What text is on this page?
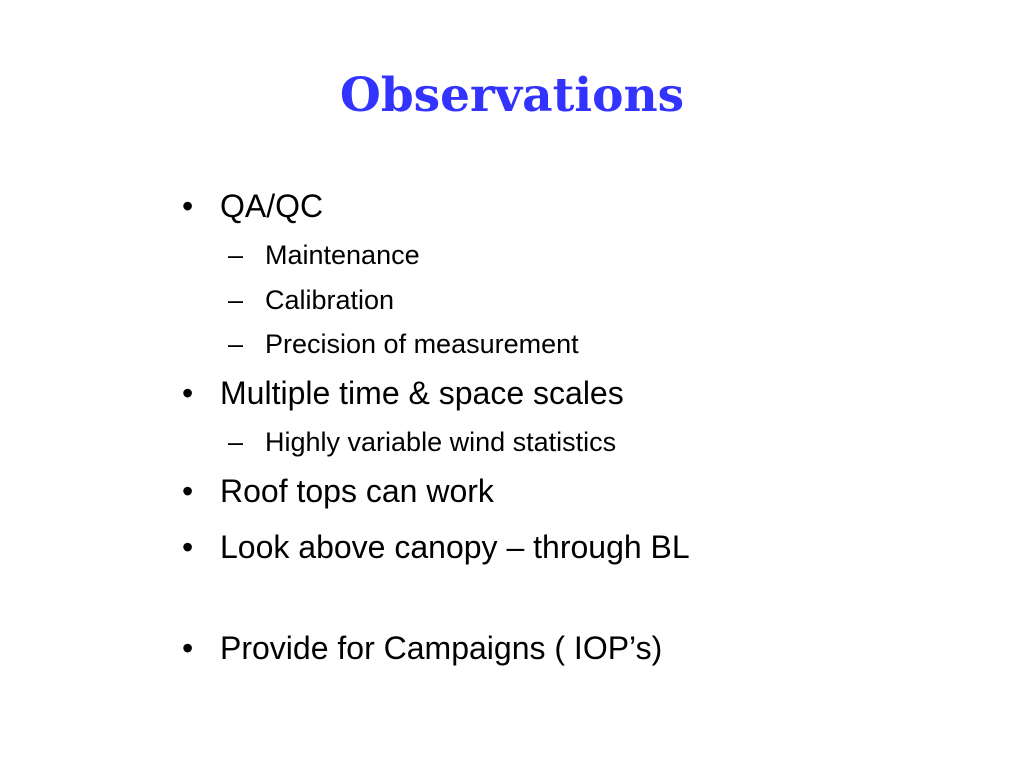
Observations
• QA/QC
– Maintenance
– Calibration
– Precision of measurement
• Multiple time & space scales
– Highly variable wind statistics
• Roof tops can work
• Look above canopy – through BL
• Provide for Campaigns ( IOP’s)
